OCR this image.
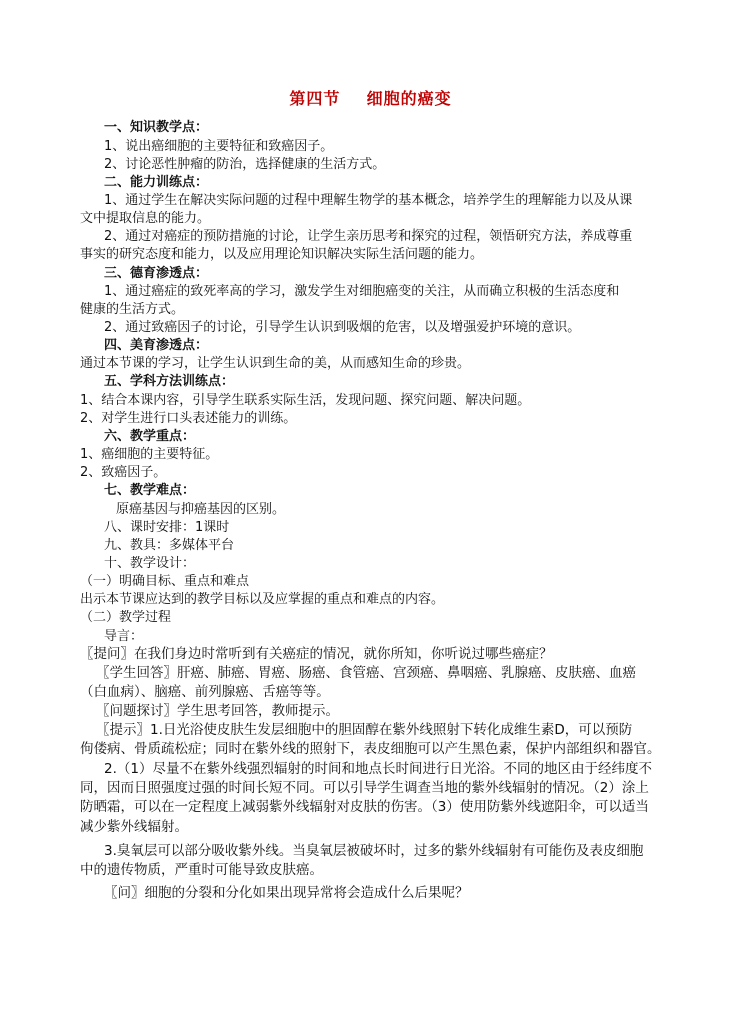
第四节    细胞的癌变
一、知识教学点：
1、说出癌细胞的主要特征和致癌因子。
2、讨论恶性肿瘤的防治，选择健康的生活方式。
二、能力训练点：
1、通过学生在解决实际问题的过程中理解生物学的基本概念，培养学生的理解能力以及从课
文中提取信息的能力。
2、通过对癌症的预防措施的讨论，让学生亲历思考和探究的过程，领悟研究方法，养成尊重
事实的研究态度和能力，以及应用理论知识解决实际生活问题的能力。
三、德育渗透点：
1、通过癌症的致死率高的学习，激发学生对细胞癌变的关注，从而确立积极的生活态度和
健康的生活方式。
2、通过致癌因子的讨论，引导学生认识到吸烟的危害，以及增强爱护环境的意识。
四、美育渗透点：
通过本节课的学习，让学生认识到生命的美，从而感知生命的珍贵。
五、学科方法训练点：
1、结合本课内容，引导学生联系实际生活，发现问题、探究问题、解决问题。
2、对学生进行口头表述能力的训练。
六、教学重点：
1、癌细胞的主要特征。
2、致癌因子。
七、教学难点：
原癌基因与抑癌基因的区别。
八、课时安排：1课时
九、教具：多媒体平台
十、教学设计：
（一）明确目标、重点和难点
出示本节课应达到的教学目标以及应掌握的重点和难点的内容。
（二）教学过程
导言：
〖提问〗在我们身边时常听到有关癌症的情况，就你所知，你听说过哪些癌症？
〖学生回答〗肝癌、肺癌、胃癌、肠癌、食管癌、宫颈癌、鼻咽癌、乳腺癌、皮肤癌、血癌
（白血病）、脑癌、前列腺癌、舌癌等等。
〖问题探讨〗学生思考回答，教师提示。
〖提示〗1.日光浴使皮肤生发层细胞中的胆固醇在紫外线照射下转化成维生素D，可以预防
佝偻病、骨质疏松症；同时在紫外线的照射下，表皮细胞可以产生黑色素，保护内部组织和器官。
2.（1）尽量不在紫外线强烈辐射的时间和地点长时间进行日光浴。不同的地区由于经纬度不
同，因而日照强度过强的时间长短不同。可以引导学生调查当地的紫外线辐射的情况。（2）涂上
防晒霜，可以在一定程度上减弱紫外线辐射对皮肤的伤害。（3）使用防紫外线遮阳伞，可以适当
减少紫外线辐射。
3.臭氧层可以部分吸收紫外线。当臭氧层被破坏时，过多的紫外线辐射有可能伤及表皮细胞
中的遗传物质，严重时可能导致皮肤癌。
〖问〗细胞的分裂和分化如果出现异常将会造成什么后果呢？
